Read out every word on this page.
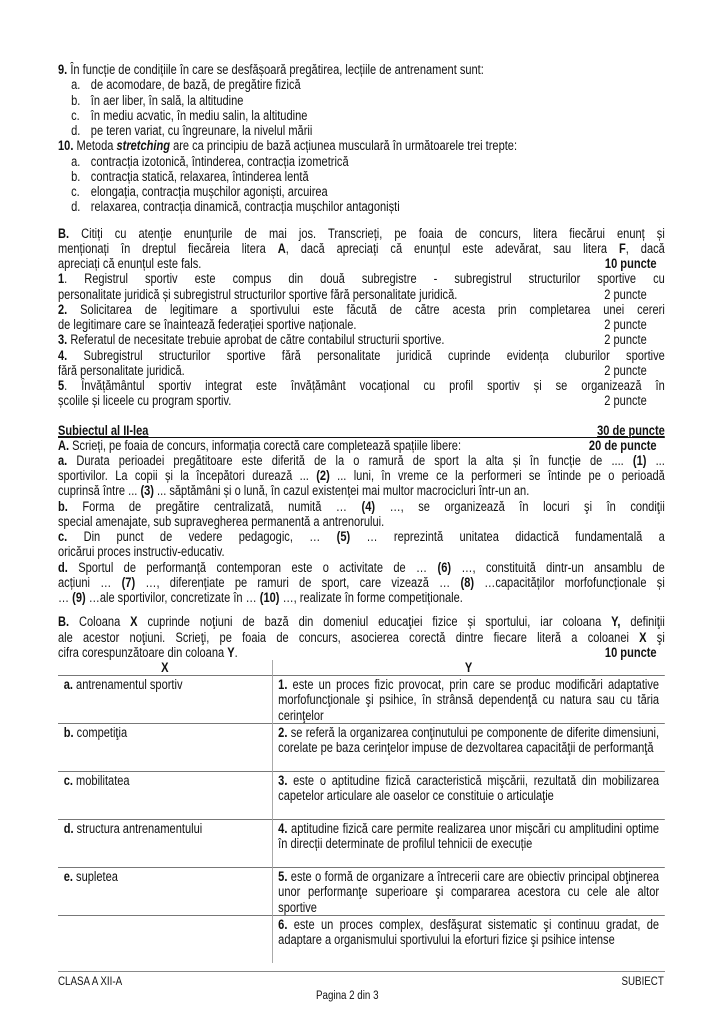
9. În funcție de condițiile în care se desfășoară pregătirea, lecțiile de antrenament sunt:
a. de acomodare, de bază, de pregătire fizică
b. în aer liber, în sală, la altitudine
c. în mediu acvatic, în mediu salin, la altitudine
d. pe teren variat, cu îngreunare, la nivelul mării
10. Metoda stretching are ca principiu de bază acțiunea musculară în următoarele trei trepte:
a. contracția izotonică, întinderea, contracția izometrică
b. contracția statică, relaxarea, întinderea lentă
c. elongația, contracția mușchilor agoniști, arcuirea
d. relaxarea, contracția dinamică, contracția mușchilor antagoniști
B. Citiți cu atenție enunțurile de mai jos. Transcrieți, pe foaia de concurs, litera fiecărui enunț și
menționați în dreptul fiecăreia litera A, dacă apreciați că enunțul este adevărat, sau litera F, dacă
apreciați că enunțul este fals.	10 puncte
1. Registrul sportiv este compus din două subregistre - subregistrul structurilor sportive cu
personalitate juridică și subregistrul structurilor sportive fără personalitate juridică.	2 puncte
2. Solicitarea de legitimare a sportivului este făcută de către acesta prin completarea unei cereri
de legitimare care se înaintează federației sportive naționale.	2 puncte
3. Referatul de necesitate trebuie aprobat de către contabilul structurii sportive.	2 puncte
4. Subregistrul structurilor sportive fără personalitate juridică cuprinde evidența cluburilor sportive
fără personalitate juridică.	2 puncte
5. Învățământul sportiv integrat este învățământ vocațional cu profil sportiv și se organizează în
școlile și liceele cu program sportiv.	2 puncte
Subiectul al II-lea	30 de puncte
A. Scrieți, pe foaia de concurs, informația corectă care completează spațiile libere:	20 de puncte
a. Durata perioadei pregătitoare este diferită de la o ramură de sport la alta și în funcție de .... (1) ...
sportivilor. La copii și la începători durează ... (2) ... luni, în vreme ce la performeri se întinde pe o perioadă
cuprinsă între ... (3) ... săptămâni și o lună, în cazul existenței mai multor macrocicluri într-un an.
b. Forma de pregătire centralizată, numită … (4) …, se organizează în locuri şi în condiţii
special amenajate, sub supravegherea permanentă a antrenorului.
c. Din punct de vedere pedagogic, … (5) … reprezintă unitatea didactică fundamentală a
oricărui proces instructiv-educativ.
d. Sportul de performanță contemporan este o activitate de … (6) …, constituită dintr-un ansamblu de
acțiuni … (7) …, diferențiate pe ramuri de sport, care vizează … (8) …capacităților morfofuncționale și
… (9) …ale sportivilor, concretizate în … (10) …, realizate în forme competiționale.
B. Coloana X cuprinde noţiuni de bază din domeniul educaţiei fizice și sportului, iar coloana Y, definiţii
ale acestor noţiuni. Scrieţi, pe foaia de concurs, asocierea corectă dintre fiecare literă a coloanei X şi
cifra corespunzătoare din coloana Y.	10 puncte
X	Y
a. antrenamentul sportiv	1. este un proces fizic provocat, prin care se produc modificări adaptative morfofuncţionale şi psihice, în strânsă dependenţă cu natura sau cu tăria cerinţelor
b. competiţia	2. se referă la organizarea conţinutului pe componente de diferite dimensiuni, corelate pe baza cerinţelor impuse de dezvoltarea capacităţii de performanţă
c. mobilitatea	3. este o aptitudine fizică caracteristică mişcării, rezultată din mobilizarea capetelor articulare ale oaselor ce constituie o articulaţie
d. structura antrenamentului	4. aptitudine fizică care permite realizarea unor mișcări cu amplitudini optime în direcții determinate de profilul tehnicii de execuție
e. supletea	5. este o formă de organizare a întrecerii care are obiectiv principal obţinerea unor performanţe superioare şi compararea acestora cu cele ale altor sportive
	6. este un proces complex, desfăşurat sistematic şi continuu gradat, de adaptare a organismului sportivului la eforturi fizice şi psihice intense
CLASA A XII-A	SUBIECT
Pagina 2 din 3
